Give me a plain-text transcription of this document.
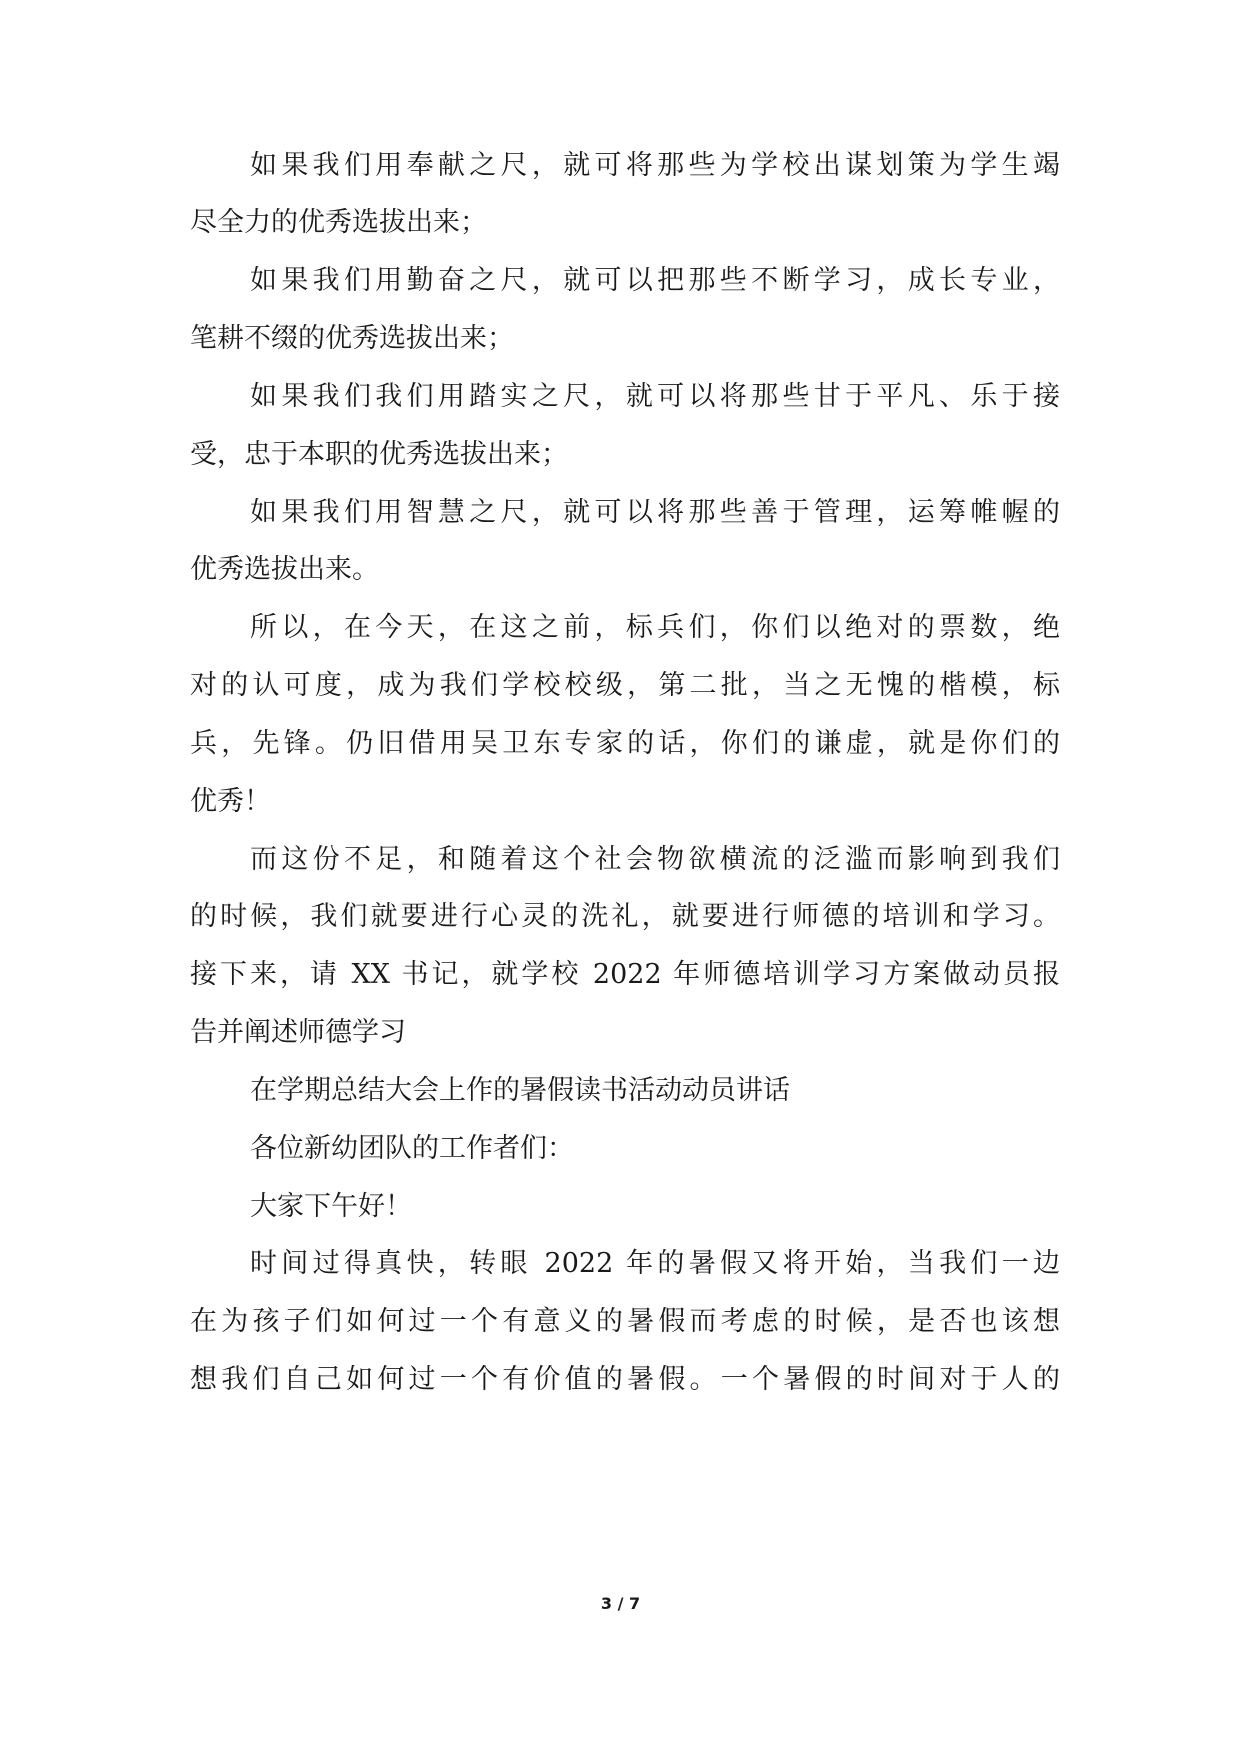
如果我们用奉献之尺，就可将那些为学校出谋划策为学生竭
尽全力的优秀选拔出来；
如果我们用勤奋之尺，就可以把那些不断学习，成长专业，
笔耕不缀的优秀选拔出来；
如果我们我们用踏实之尺，就可以将那些甘于平凡、乐于接
受，忠于本职的优秀选拔出来；
如果我们用智慧之尺，就可以将那些善于管理，运筹帷幄的
优秀选拔出来。
所以，在今天，在这之前，标兵们，你们以绝对的票数，绝
对的认可度，成为我们学校校级，第二批，当之无愧的楷模，标
兵，先锋。仍旧借用吴卫东专家的话，你们的谦虚，就是你们的
优秀！
而这份不足，和随着这个社会物欲横流的泛滥而影响到我们
的时候，我们就要进行心灵的洗礼，就要进行师德的培训和学习。
接下来，请 XX 书记，就学校 2022 年师德培训学习方案做动员报
告并阐述师德学习
在学期总结大会上作的暑假读书活动动员讲话
各位新幼团队的工作者们：
大家下午好！
时间过得真快，转眼 2022 年的暑假又将开始，当我们一边
在为孩子们如何过一个有意义的暑假而考虑的时候，是否也该想
想我们自己如何过一个有价值的暑假。一个暑假的时间对于人的
3 / 7
